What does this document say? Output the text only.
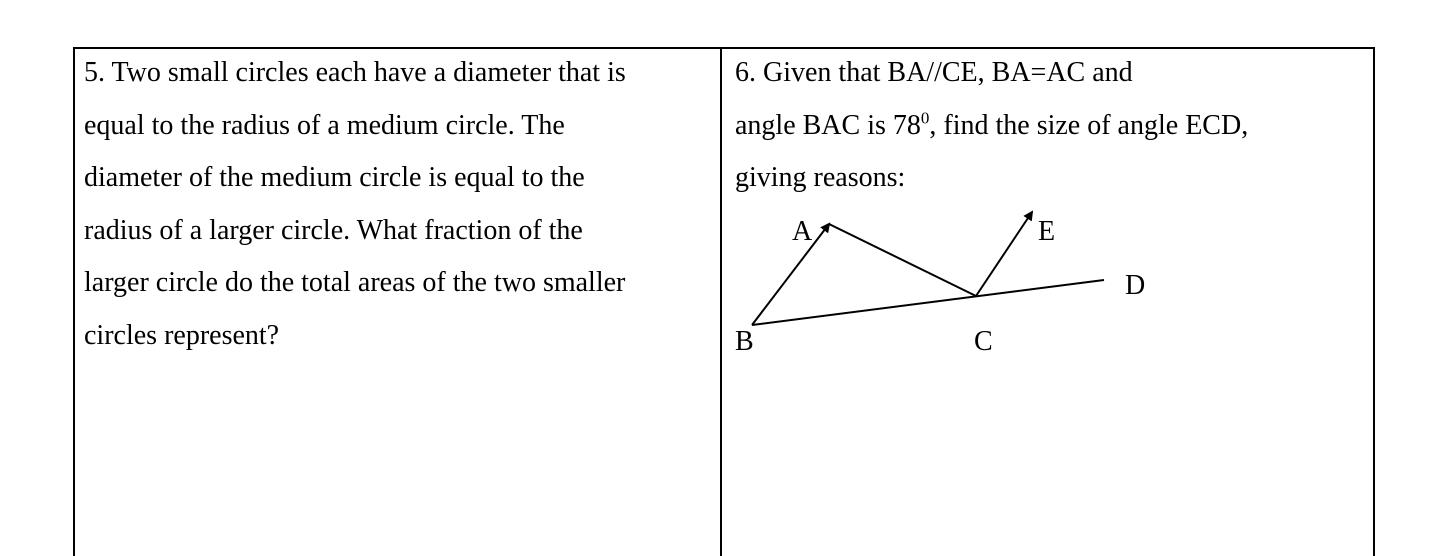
5. Two small circles each have a diameter that is

equal to the radius of a medium circle. The

diameter of the medium circle is equal to the

radius of a larger circle. What fraction of the

larger circle do the total areas of the two smaller

circles represent?

6. Given that BA//CE, BA=AC and

angle BAC is $78^0$, find the size of angle ECD,

giving reasons:

A	E
D
B	C
